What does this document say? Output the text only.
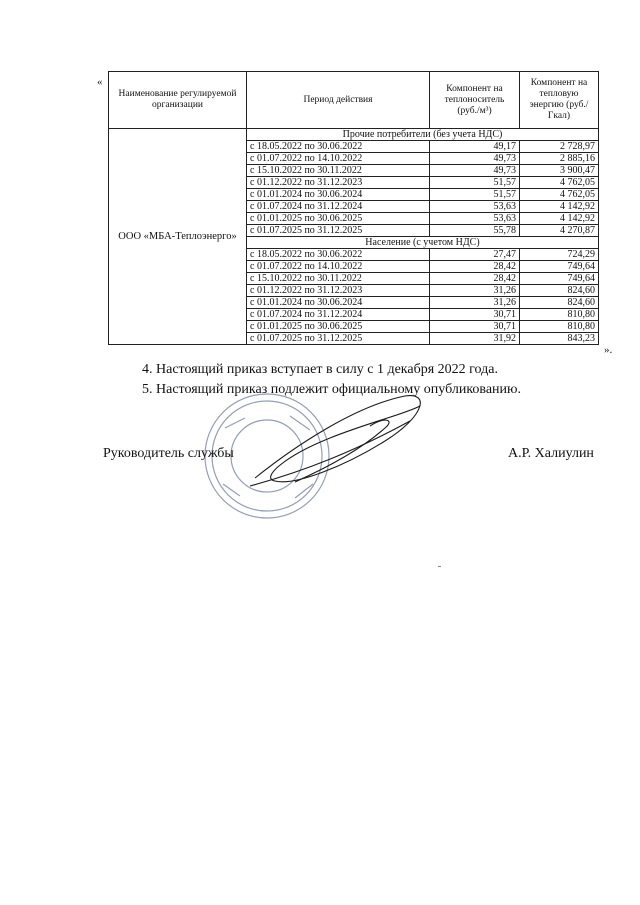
«
Наименование регулируемой организации	Период действия	Компонент на теплоноситель (руб./м³)	Компонент на тепловую энергию (руб./Гкал)
ООО «МБА-Теплоэнерго»	Прочие потребители (без учета НДС)		
	с 18.05.2022 по 30.06.2022	49,17	2 728,97
	с 01.07.2022 по 14.10.2022	49,73	2 885,16
	с 15.10.2022 по 30.11.2022	49,73	3 900,47
	с 01.12.2022 по 31.12.2023	51,57	4 762,05
	с 01.01.2024 по 30.06.2024	51,57	4 762,05
	с 01.07.2024 по 31.12.2024	53,63	4 142,92
	с 01.01.2025 по 30.06.2025	53,63	4 142,92
	с 01.07.2025 по 31.12.2025	55,78	4 270,87
	Население (с учетом НДС)		
	с 18.05.2022 по 30.06.2022	27,47	724,29
	с 01.07.2022 по 14.10.2022	28,42	749,64
	с 15.10.2022 по 30.11.2022	28,42	749,64
	с 01.12.2022 по 31.12.2023	31,26	824,60
	с 01.01.2024 по 30.06.2024	31,26	824,60
	с 01.07.2024 по 31.12.2024	30,71	810,80
	с 01.01.2025 по 30.06.2025	30,71	810,80
	с 01.07.2025 по 31.12.2025	31,92	843,23
».
4. Настоящий приказ вступает в силу с 1 декабря 2022 года.
5. Настоящий приказ подлежит официальному опубликованию.
Руководитель службы	А.Р. Халиулин
